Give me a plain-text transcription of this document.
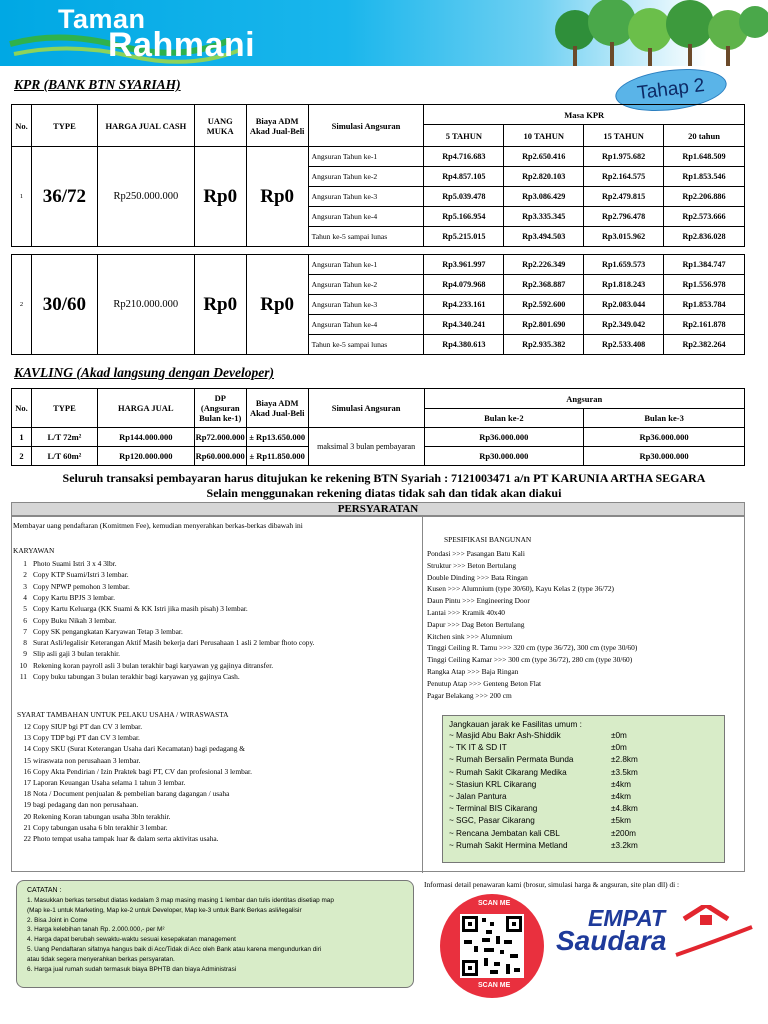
Taman
Rahmani
KPR (BANK BTN SYARIAH)	Tahap 2
No.	TYPE	HARGA JUAL CASH	UANG MUKA	Biaya ADM Akad Jual-Beli	Simulasi Angsuran	Masa KPR			
						5 TAHUN	10 TAHUN	15 TAHUN	20 tahun
1	36/72	Rp250.000.000	Rp0	Rp0	Angsuran Tahun ke-1	Rp4.716.683	Rp2.650.416	Rp1.975.682	Rp1.648.509
					Angsuran Tahun ke-2	Rp4.857.105	Rp2.820.103	Rp2.164.575	Rp1.853.546
					Angsuran Tahun ke-3	Rp5.039.478	Rp3.086.429	Rp2.479.815	Rp2.206.886
					Angsuran Tahun ke-4	Rp5.166.954	Rp3.335.345	Rp2.796.478	Rp2.573.666
					Tahun ke-5 sampai lunas	Rp5.215.015	Rp3.494.503	Rp3.015.962	Rp2.836.028
2	30/60	Rp210.000.000	Rp0	Rp0	Angsuran Tahun ke-1	Rp3.961.997	Rp2.226.349	Rp1.659.573	Rp1.384.747
					Angsuran Tahun ke-2	Rp4.079.968	Rp2.368.887	Rp1.818.243	Rp1.556.978
					Angsuran Tahun ke-3	Rp4.233.161	Rp2.592.600	Rp2.083.044	Rp1.853.784
					Angsuran Tahun ke-4	Rp4.340.241	Rp2.801.690	Rp2.349.042	Rp2.161.878
					Tahun ke-5 sampai lunas	Rp4.380.613	Rp2.935.382	Rp2.533.408	Rp2.382.264
KAVLING (Akad langsung dengan Developer)
No.	TYPE	HARGA JUAL	DP (Angsuran Bulan ke-1)	Biaya ADM Akad Jual-Beli	Simulasi Angsuran	Angsuran	
						Bulan ke-2	Bulan ke-3
1	L/T 72m²	Rp144.000.000	Rp72.000.000	± Rp13.650.000	maksimal 3 bulan pembayaran	Rp36.000.000	Rp36.000.000
2	L/T 60m²	Rp120.000.000	Rp60.000.000	± Rp11.850.000		Rp30.000.000	Rp30.000.000
Seluruh transaksi pembayaran harus ditujukan ke rekening BTN Syariah : 7121003471 a/n PT KARUNIA ARTHA SEGARA
Selain menggunakan rekening diatas tidak sah dan tidak akan diakui
PERSYARATAN
Membayar uang pendaftaran (Komitmen Fee), kemudian menyerahkan berkas-berkas dibawah ini
KARYAWAN
1 Photo Suami Istri 3 x 4 3lbr.
2 Copy KTP Suami/Istri 3 lembar.
3 Copy NPWP pemohon 3 lembar.
4 Copy Kartu BPJS 3 lembar.
5 Copy Kartu Keluarga (KK Suami & KK Istri jika masih pisah) 3 lembar.
6 Copy Buku Nikah 3 lembar.
7 Copy SK pengangkatan Karyawan Tetap 3 lembar.
8 Surat Asli/legalisir Keterangan Aktif Masih bekerja dari Perusahaan 1 asli 2 lembar fhoto copy.
9 Slip asli gaji 3 bulan terakhir.
10 Rekening koran payroll asli 3 bulan terakhir bagi karyawan yg gajinya ditransfer.
11 Copy buku tabungan 3 bulan terakhir bagi karyawan yg gajinya Cash.
SYARAT TAMBAHAN UNTUK PELAKU USAHA / WIRASWASTA
12 Copy SIUP bgi PT dan CV 3 lembar.
13 Copy TDP bgi PT dan CV 3 lembar.
14 Copy SKU (Surat Keterangan Usaha dari Kecamatan) bagi pedagang &
15 wiraswata non perusahaan 3 lembar.
16 Copy Akta Pendirian / Izin Praktek bagi PT, CV dan profesional 3 lembar.
17 Laporan Keuangan Usaha selama 1 tahun 3 lembar.
18 Nota / Document penjualan & pembelian barang dagangan / usaha
19 bagi pedagang dan non perusahaan.
20 Rekening Koran tabungan usaha 3bln terakhir.
21 Copy tabungan usaha 6 bln terakhir 3 lembar.
22 Photo tempat usaha tampak luar & dalam serta aktivitas usaha.
SPESIFIKASI BANGUNAN
Pondasi >>> Pasangan Batu Kali
Struktur >>> Beton Bertulang
Double Dinding >>> Bata Ringan
Kusen >>> Alumnium (type 30/60), Kayu Kelas 2 (type 36/72)
Daun Pintu >>> Engineering Door
Lantai >>> Kramik 40x40
Dapur >>> Dag Beton Bertulang
Kitchen sink >>> Alumnium
Tinggi Ceiling R. Tamu >>> 320 cm (type 36/72), 300 cm (type 30/60)
Tinggi Ceiling Kamar >>> 300 cm (type 36/72), 280 cm (type 30/60)
Rangka Atap >>> Baja Ringan
Penutup Atap >>> Genteng Beton Flat
Pagar Belakang >>> 200 cm
Jangkauan jarak ke Fasilitas umum :
~ Masjid Abu Bakr Ash-Shiddik	±0m
~ TK IT & SD IT	±0m
~ Rumah Bersalin Permata Bunda	±2.8km
~ Rumah Sakit Cikarang Medika	±3.5km
~ Stasiun KRL Cikarang	±4km
~ Jalan Pantura	±4km
~ Terminal BIS Cikarang	±4.8km
~ SGC, Pasar Cikarang	±5km
~ Rencana Jembatan kali CBL	±200m
~ Rumah Sakit Hermina Metland	±3.2km
CATATAN :
1. Masukkan berkas tersebut diatas kedalam 3 map masing masing 1 lembar dan tulis identitas disetiap map
(Map ke-1 untuk Marketing, Map ke-2 untuk Developer, Map ke-3 untuk Bank Berkas asli/legalisir
2. Bisa Joint in Come
3. Harga kelebihan tanah Rp. 2.000.000,- per M²
4. Harga dapat berubah sewaktu-waktu sesuai kesepakatan management
5. Uang Pendaftaran sifatnya hangus baik di Acc/Tidak di Acc oleh Bank atau karena mengundurkan diri
atau tidak segera menyerahkan berkas persyaratan.
6. Harga jual rumah sudah termasuk biaya BPHTB dan biaya Administrasi
Informasi detail penawaran kami (brosur, simulasi harga & angsuran, site plan dll) di :
SCAN ME
SCAN ME
EMPAT
Saudara
